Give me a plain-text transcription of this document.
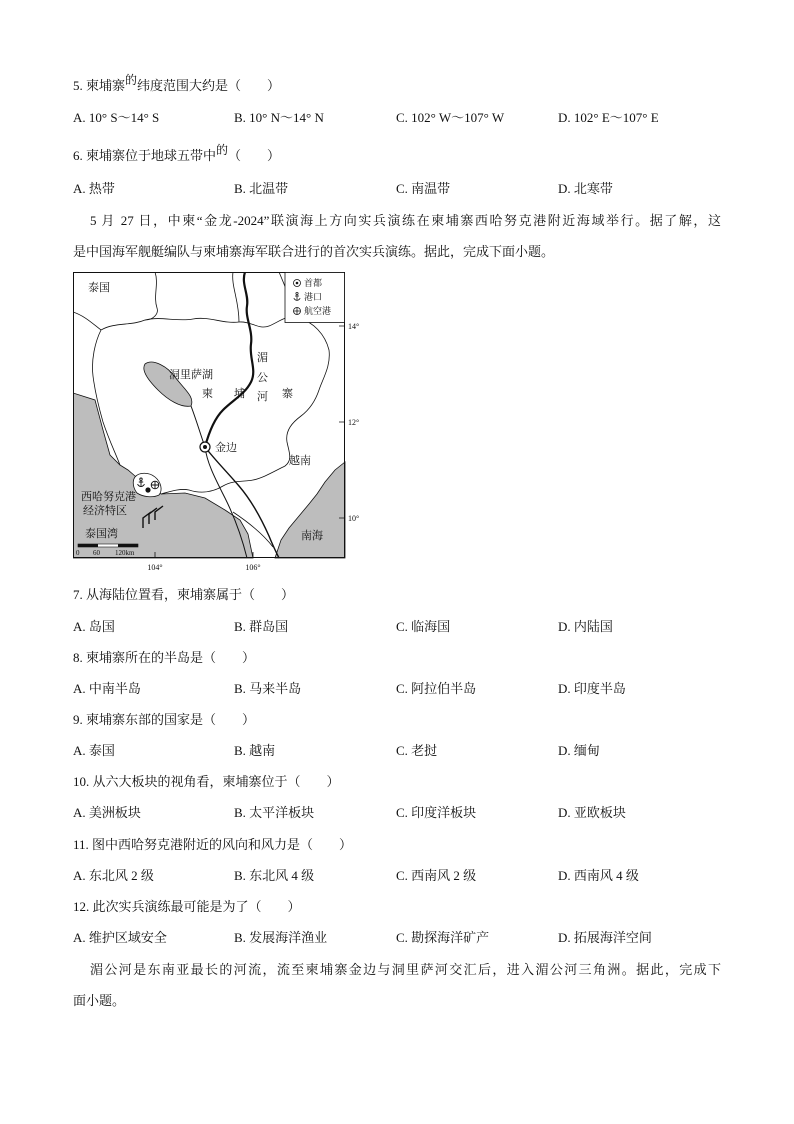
5. 柬埔寨的纬度范围大约是（　　）
A. 10° S～14° S	B. 10° N～14° N	C. 102° W～107° W	D. 102° E～107° E
6. 柬埔寨位于地球五带中的（　　）
A. 热带	B. 北温带	C. 南温带	D. 北寒带
5 月 27 日，中柬“金龙-2024”联演海上方向实兵演练在柬埔寨西哈努克港附近海域举行。据了解，这
是中国海军舰艇编队与柬埔寨海军联合进行的首次实兵演练。据此，完成下面小题。
首都
港口
航空港
泰国
洞里萨湖
柬 埔	寨
湄
公
河
金边
越南
西哈努克港
经济特区
泰国湾	南海
0 60 120km
14°
12°
10°
104°	106°
7. 从海陆位置看，柬埔寨属于（　　）
A. 岛国	B. 群岛国	C. 临海国	D. 内陆国
8. 柬埔寨所在的半岛是（　　）
A. 中南半岛	B. 马来半岛	C. 阿拉伯半岛	D. 印度半岛
9. 柬埔寨东部的国家是（　　）
A. 泰国	B. 越南	C. 老挝	D. 缅甸
10. 从六大板块的视角看，柬埔寨位于（　　）
A. 美洲板块	B. 太平洋板块	C. 印度洋板块	D. 亚欧板块
11. 图中西哈努克港附近的风向和风力是（　　）
A. 东北风 2 级	B. 东北风 4 级	C. 西南风 2 级	D. 西南风 4 级
12. 此次实兵演练最可能是为了（　　）
A. 维护区域安全	B. 发展海洋渔业	C. 勘探海洋矿产	D. 拓展海洋空间
湄公河是东南亚最长的河流，流至柬埔寨金边与洞里萨河交汇后，进入湄公河三角洲。据此，完成下
面小题。
